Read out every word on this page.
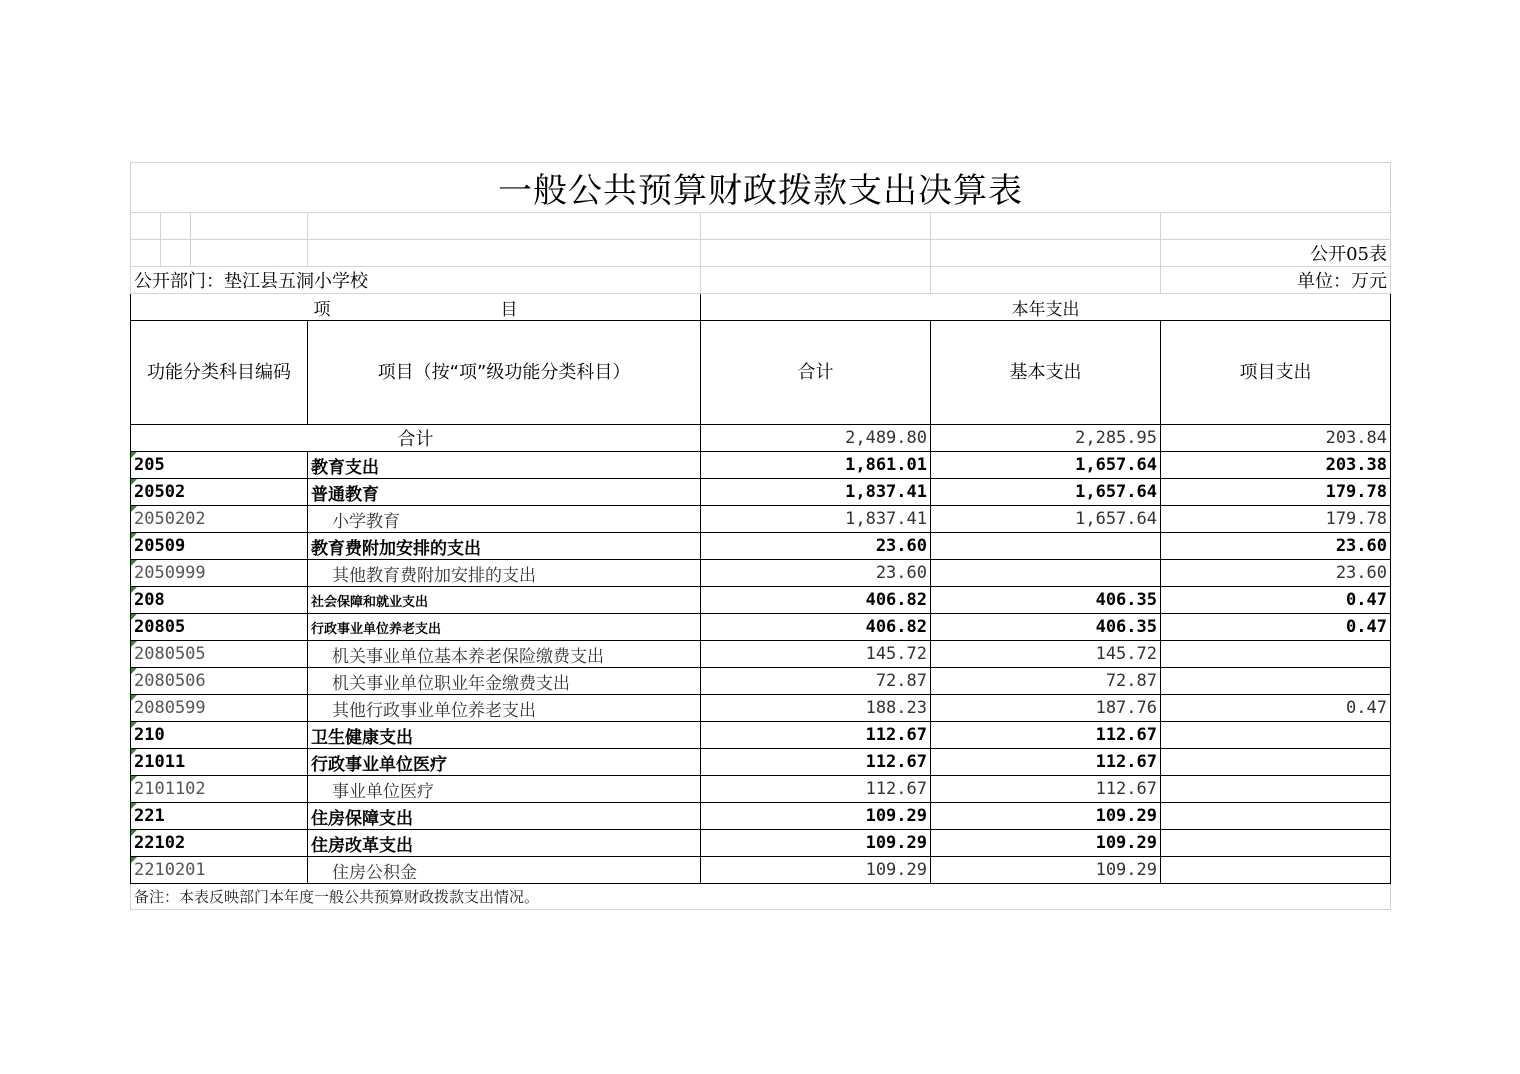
一般公共预算财政拨款支出决算表						

						公开05表
公开部门：垫江县五洞小学校						单位：万元
项　　　　　　　　　　目				本年支出		
功能分类科目编码			项目（按“项”级功能分类科目）	合计	基本支出	项目支出
合计				2,489.80	2,285.95	203.84

205			教育支出	1,861.01	1,657.64	203.38

20502			普通教育	1,837.41	1,657.64	179.78

2050202			小学教育	1,837.41	1,657.64	179.78

20509			教育费附加安排的支出	23.60		23.60

2050999			其他教育费附加安排的支出	23.60		23.60

208			社会保障和就业支出	406.82	406.35	0.47

20805			行政事业单位养老支出	406.82	406.35	0.47

2080505			机关事业单位基本养老保险缴费支出	145.72	145.72	

2080506			机关事业单位职业年金缴费支出	72.87	72.87	

2080599			其他行政事业单位养老支出	188.23	187.76	0.47

210			卫生健康支出	112.67	112.67	

21011			行政事业单位医疗	112.67	112.67	

2101102			事业单位医疗	112.67	112.67	

221			住房保障支出	109.29	109.29	

22102			住房改革支出	109.29	109.29	

2210201			住房公积金	109.29	109.29	
备注：本表反映部门本年度一般公共预算财政拨款支出情况。						
